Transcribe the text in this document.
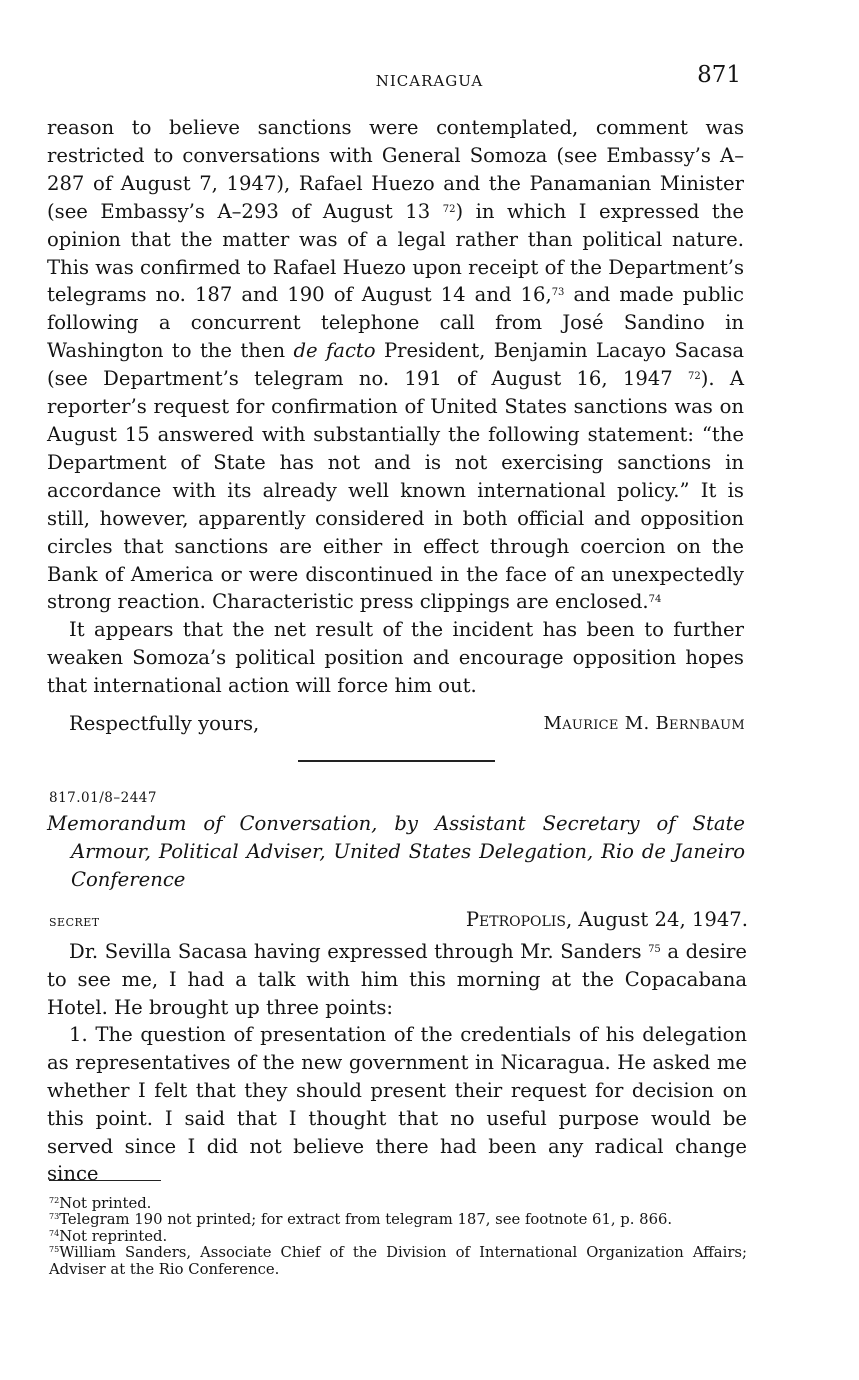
NICARAGUA	871

reason to believe sanctions were contemplated, comment was restricted to conversations with General Somoza (see Embassy’s A–287 of August 7, 1947), Rafael Huezo and the Panamanian Minister (see Embassy’s A–293 of August 13 $^{72}$) in which I expressed the opinion that the matter was of a legal rather than political nature. This was confirmed to Rafael Huezo upon receipt of the Department’s telegrams no. 187 and 190 of August 14 and 16,73 and made public following a concurrent telephone call from José Sandino in Washington to the then de facto President, Benjamin Lacayo Sacasa (see Department’s telegram no. 191 of August 16, 1947 $^{72}$). A reporter’s request for confirmation of United States sanctions was on August 15 answered with substantially the following statement: “the Department of State has not and is not exercising sanctions in accordance with its already well known international policy.” It is still, however, apparently considered in both official and opposition circles that sanctions are either in effect through coercion on the Bank of America or were discontinued in the face of an unexpectedly strong reaction. Characteristic press clippings are enclosed.$^{74}$

It appears that the net result of the incident has been to further weaken Somoza’s political position and encourage opposition hopes that international action will force him out.

Respectfully yours,	Maurice M. Bernbaum
817.01/8–2447
Memorandum of Conversation, by Assistant Secretary of State
Armour, Political Adviser, United States Delegation, Rio de Janeiro Conference
secret	Petropolis, August 24, 1947.

Dr. Sevilla Sacasa having expressed through Mr. Sanders $^{75}$ a desire to see me, I had a talk with him this morning at the Copacabana Hotel. He brought up three points:

1. The question of presentation of the credentials of his delegation as representatives of the new government in Nicaragua. He asked me whether I felt that they should present their request for decision on this point. I said that I thought that no useful purpose would be served since I did not believe there had been any radical change since

$^{72}$Not printed.

$^{73}$Telegram 190 not printed; for extract from telegram 187, see footnote 61, p. 866.

$^{74}$Not reprinted.

$^{75}$William Sanders, Associate Chief of the Division of International Organization Affairs; Adviser at the Rio Conference.
